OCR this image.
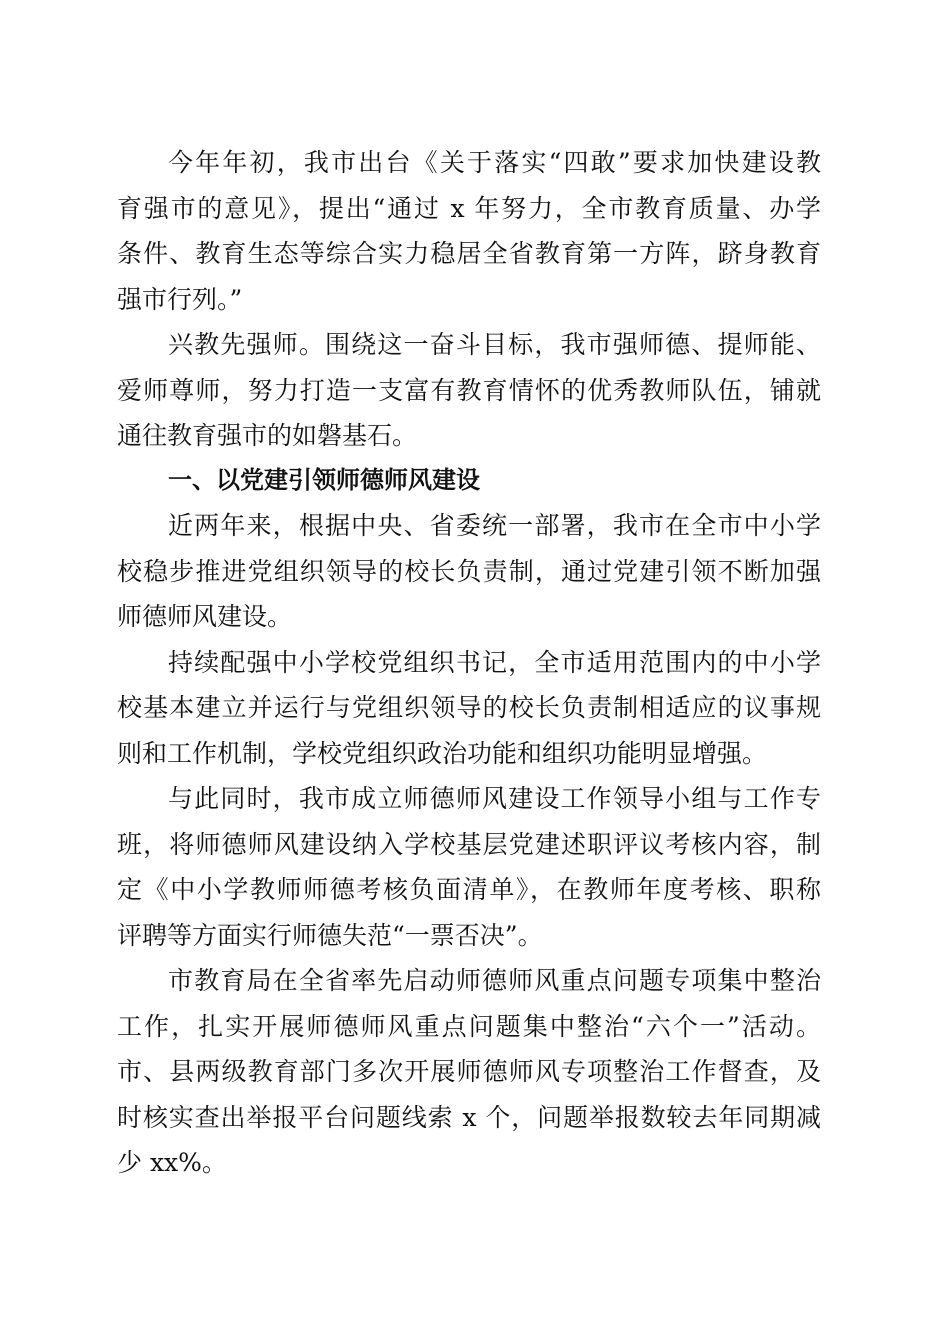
今年年初，我市出台《关于落实“四敢”要求加快建设教
育强市的意见》，提出“通过 x 年努力，全市教育质量、办学
条件、教育生态等综合实力稳居全省教育第一方阵，跻身教育
强市行列。”
兴教先强师。围绕这一奋斗目标，我市强师德、提师能、
爱师尊师，努力打造一支富有教育情怀的优秀教师队伍，铺就
通往教育强市的如磐基石。
一、以党建引领师德师风建设
近两年来，根据中央、省委统一部署，我市在全市中小学
校稳步推进党组织领导的校长负责制，通过党建引领不断加强
师德师风建设。
持续配强中小学校党组织书记，全市适用范围内的中小学
校基本建立并运行与党组织领导的校长负责制相适应的议事规
则和工作机制，学校党组织政治功能和组织功能明显增强。
与此同时，我市成立师德师风建设工作领导小组与工作专
班，将师德师风建设纳入学校基层党建述职评议考核内容，制
定《中小学教师师德考核负面清单》，在教师年度考核、职称
评聘等方面实行师德失范“一票否决”。
市教育局在全省率先启动师德师风重点问题专项集中整治
工作，扎实开展师德师风重点问题集中整治“六个一”活动。
市、县两级教育部门多次开展师德师风专项整治工作督查，及
时核实查出举报平台问题线索 x 个，问题举报数较去年同期减
少 xx%。
